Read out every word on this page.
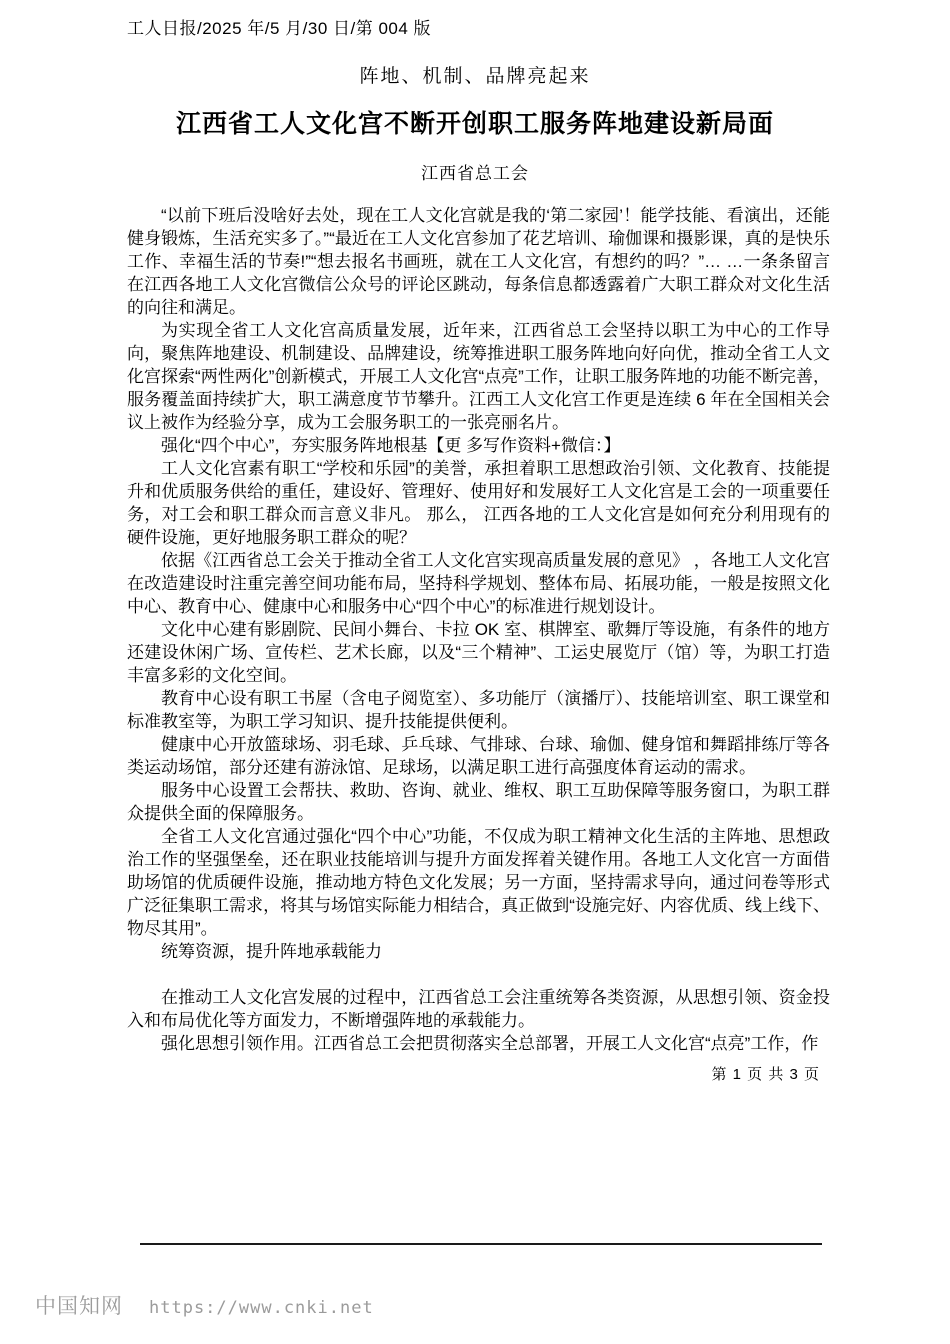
工人日报/2025 年/5 月/30 日/第 004 版
阵地、机制、品牌亮起来
江西省工人文化宫不断开创职工服务阵地建设新局面
江西省总工会

“以前下班后没啥好去处，现在工人文化宫就是我的‘第二家园’！能学技能、看演出，还能健身锻炼，生活充实多了。”“最近在工人文化宫参加了花艺培训、瑜伽课和摄影课，真的是快乐工作、幸福生活的节奏!”“想去报名书画班，就在工人文化宫，有想约的吗？”… …一条条留言在江西各地工人文化宫微信公众号的评论区跳动，每条信息都透露着广大职工群众对文化生活的向往和满足。

为实现全省工人文化宫高质量发展，近年来，江西省总工会坚持以职工为中心的工作导向，聚焦阵地建设、机制建设、品牌建设，统筹推进职工服务阵地向好向优，推动全省工人文化宫探索“两性两化”创新模式，开展工人文化宫“点亮”工作，让职工服务阵地的功能不断完善，服务覆盖面持续扩大，职工满意度节节攀升。江西工人文化宫工作更是连续 6 年在全国相关会议上被作为经验分享，成为工会服务职工的一张亮丽名片。

强化“四个中心”，夯实服务阵地根基【更 多写作资料+微信：】

工人文化宫素有职工“学校和乐园”的美誉，承担着职工思想政治引领、文化教育、技能提升和优质服务供给的重任，建设好、管理好、使用好和发展好工人文化宫是工会的一项重要任务，对工会和职工群众而言意义非凡。 那么， 江西各地的工人文化宫是如何充分利用现有的硬件设施，更好地服务职工群众的呢？

依据《江西省总工会关于推动全省工人文化宫实现高质量发展的意见》 ，各地工人文化宫在改造建设时注重完善空间功能布局，坚持科学规划、整体布局、拓展功能，一般是按照文化中心、教育中心、健康中心和服务中心“四个中心”的标准进行规划设计。

文化中心建有影剧院、民间小舞台、卡拉 OK 室、棋牌室、歌舞厅等设施，有条件的地方还建设休闲广场、宣传栏、艺术长廊，以及“三个精神”、工运史展览厅（馆）等，为职工打造丰富多彩的文化空间。

教育中心设有职工书屋（含电子阅览室）、多功能厅（演播厅）、技能培训室、职工课堂和标准教室等，为职工学习知识、提升技能提供便利。

健康中心开放篮球场、羽毛球、乒乓球、气排球、台球、瑜伽、健身馆和舞蹈排练厅等各类运动场馆，部分还建有游泳馆、足球场，以满足职工进行高强度体育运动的需求。

服务中心设置工会帮扶、救助、咨询、就业、维权、职工互助保障等服务窗口，为职工群众提供全面的保障服务。

全省工人文化宫通过强化“四个中心”功能，不仅成为职工精神文化生活的主阵地、思想政治工作的坚强堡垒，还在职业技能培训与提升方面发挥着关键作用。各地工人文化宫一方面借助场馆的优质硬件设施，推动地方特色文化发展；另一方面，坚持需求导向，通过问卷等形式广泛征集职工需求，将其与场馆实际能力相结合，真正做到“设施完好、内容优质、线上线下、物尽其用”。

统筹资源，提升阵地承载能力

在推动工人文化宫发展的过程中，江西省总工会注重统筹各类资源，从思想引领、资金投入和布局优化等方面发力，不断增强阵地的承载能力。

强化思想引领作用。江西省总工会把贯彻落实全总部署，开展工人文化宫“点亮”工作，作

第 1 页 共 3 页
中国知网 https://www.cnki.net
